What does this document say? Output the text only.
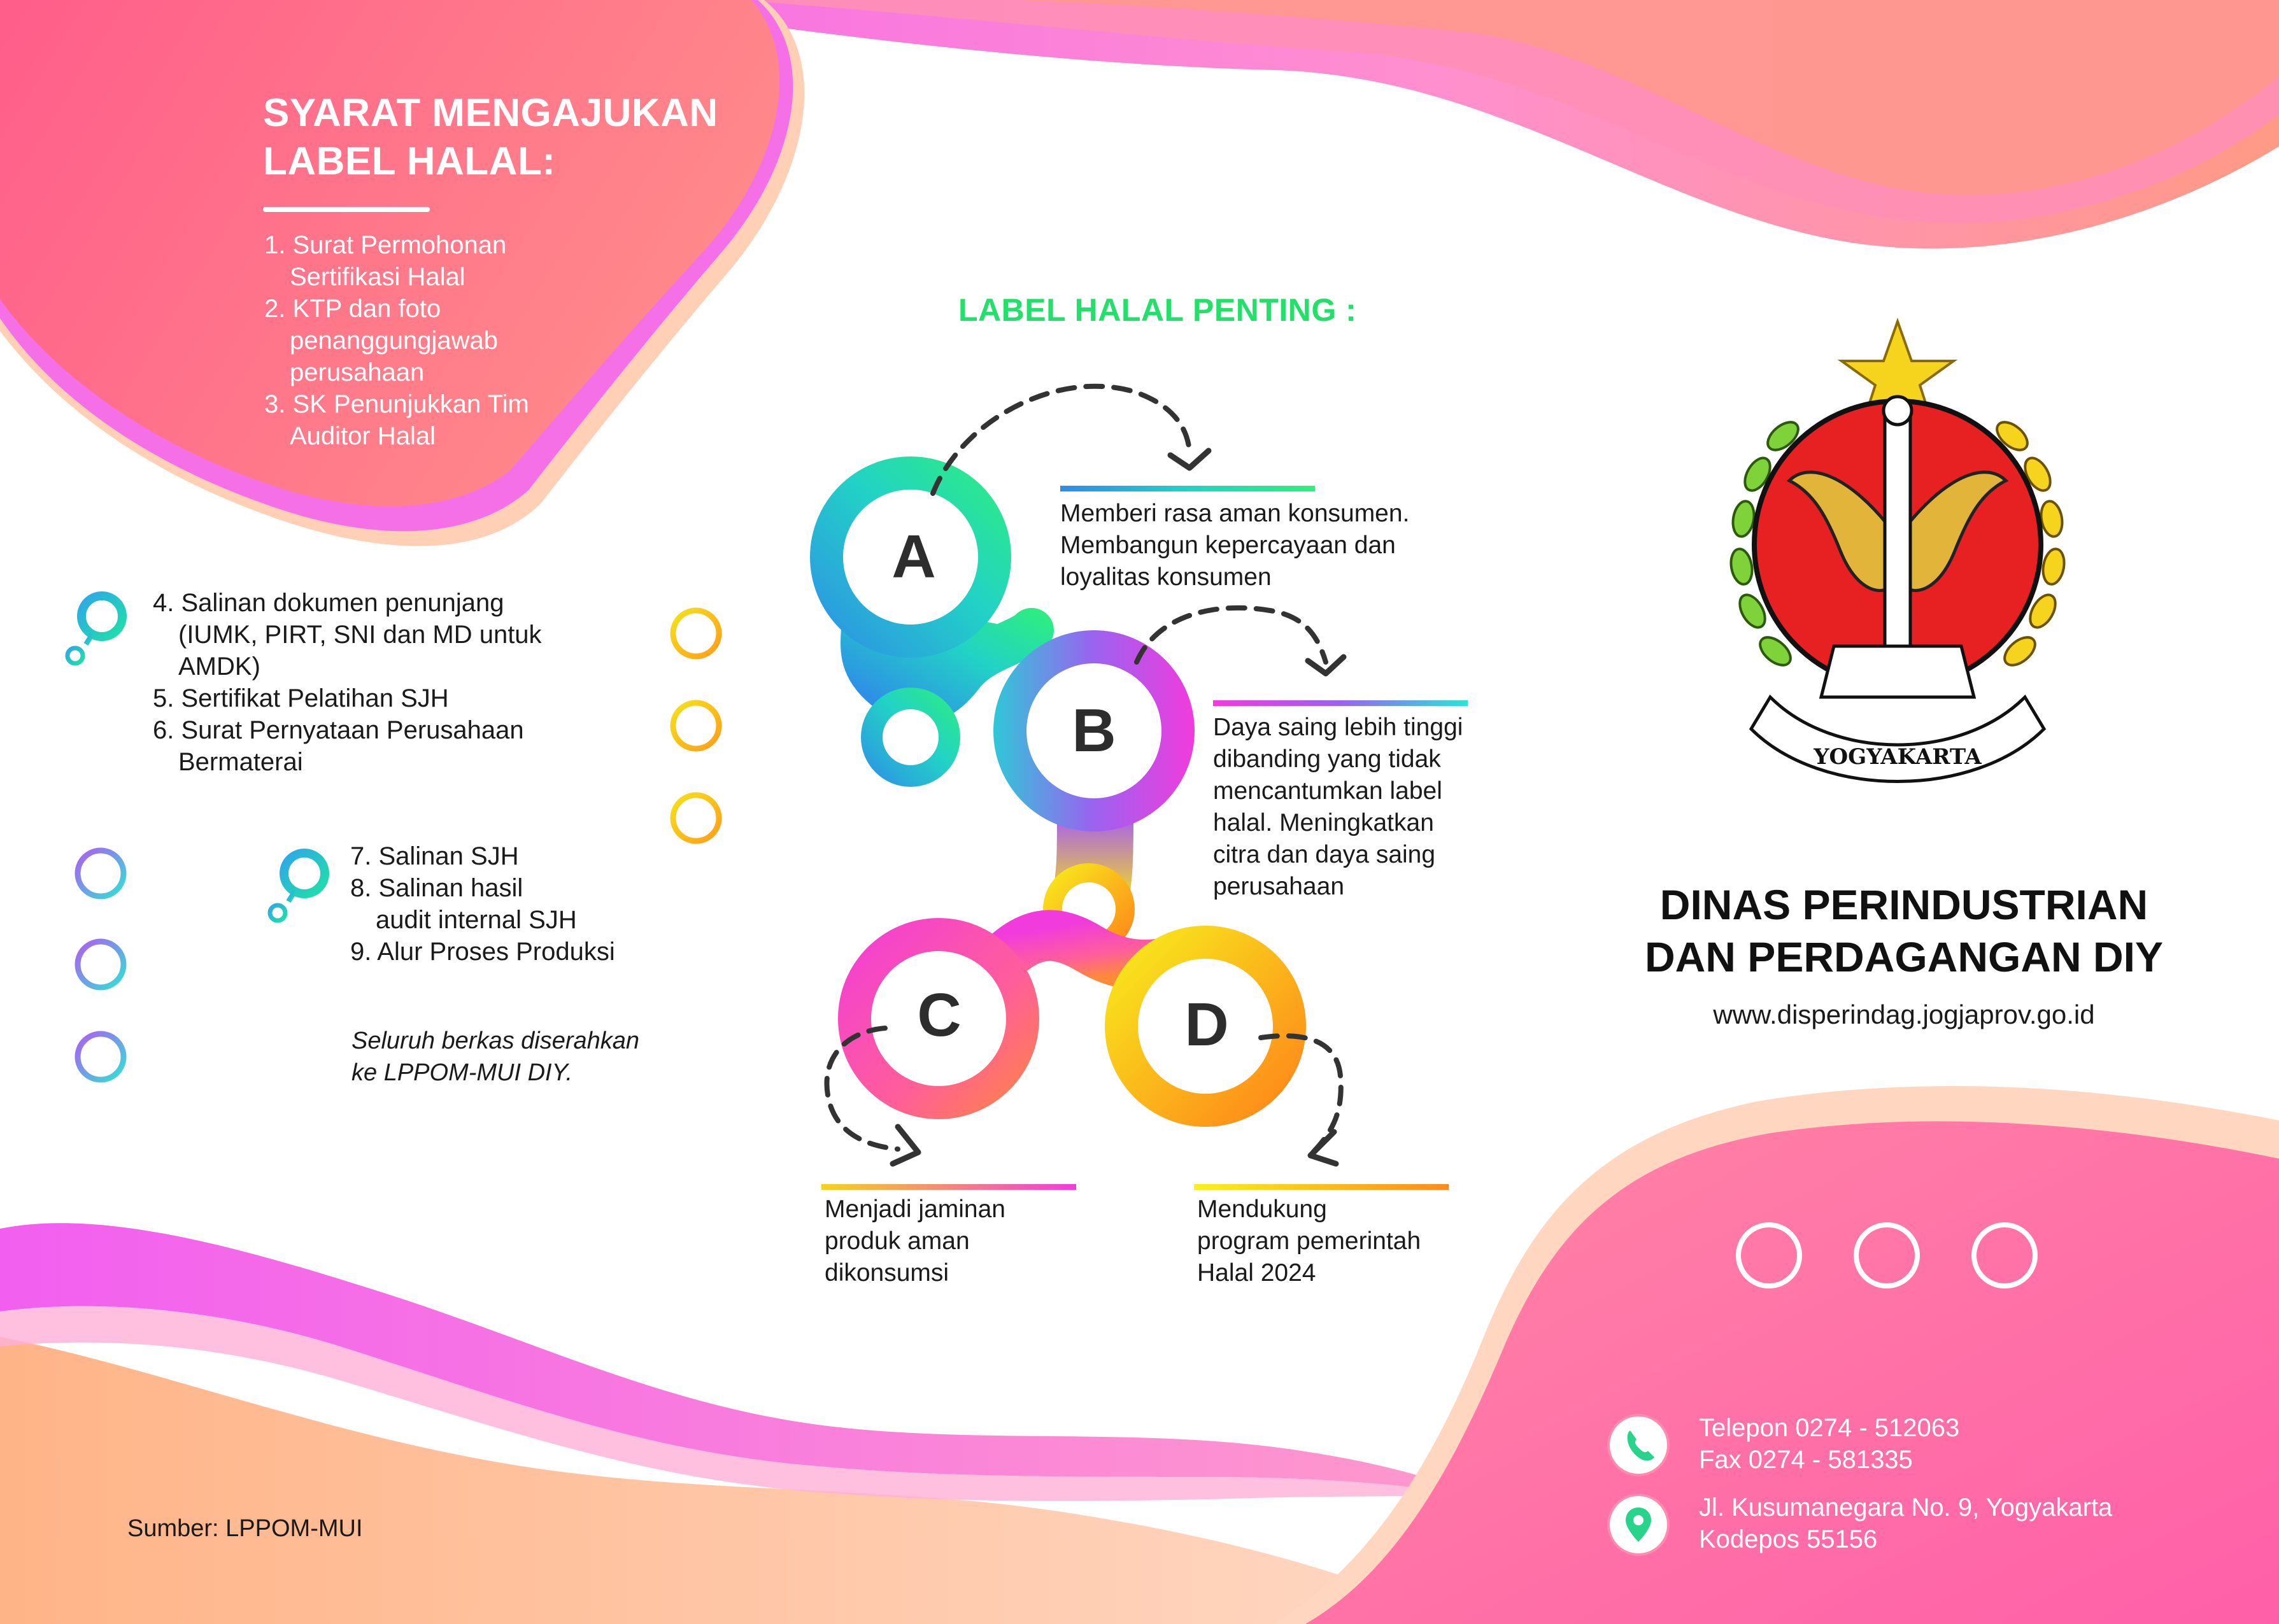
A
B
C	D
LABEL HALAL PENTING :
Memberi rasa aman konsumen.
Membangun kepercayaan dan
loyalitas konsumen
Daya saing lebih tinggi
dibanding yang tidak
mencantumkan label
halal. Meningkatkan
citra dan daya saing
perusahaan
Menjadi jaminan
produk aman
dikonsumsi
Mendukung
program pemerintah
Halal 2024
SYARAT MENGAJUKAN
LABEL HALAL:
1. Surat Permohonan
Sertifikasi Halal
2. KTP dan foto
penanggungjawab
perusahaan
3. SK Penunjukkan Tim
Auditor Halal
4. Salinan dokumen penunjang
(IUMK, PIRT, SNI dan MD untuk
AMDK)
5. Sertifikat Pelatihan SJH
6. Surat Pernyataan Perusahaan
Bermaterai
7. Salinan SJH
8. Salinan hasil
audit internal SJH
9. Alur Proses Produksi
Seluruh berkas diserahkan
ke LPPOM-MUI DIY.
Sumber: LPPOM-MUI
YOGYAKARTA
DINAS PERINDUSTRIAN
DAN PERDAGANGAN DIY
www.disperindag.jogjaprov.go.id
Telepon 0274 - 512063
Fax 0274 - 581335
Jl. Kusumanegara No. 9, Yogyakarta
Kodepos 55156
